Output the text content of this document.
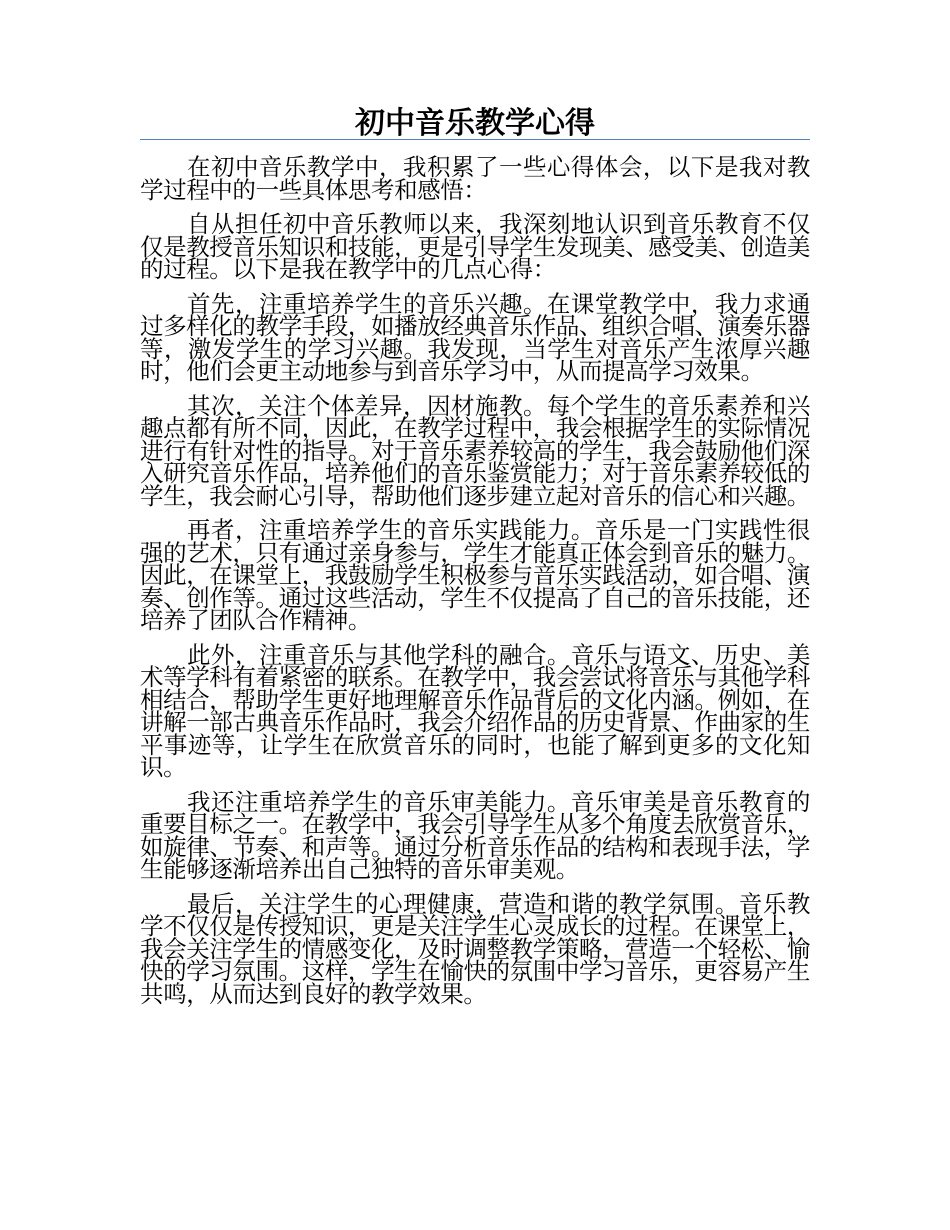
初中音乐教学心得

在初中音乐教学中，我积累了一些心得体会，以下是我对教学过程中的一些具体思考和感悟：

自从担任初中音乐教师以来，我深刻地认识到音乐教育不仅仅是教授音乐知识和技能，更是引导学生发现美、感受美、创造美的过程。以下是我在教学中的几点心得：

首先，注重培养学生的音乐兴趣。在课堂教学中，我力求通过多样化的教学手段，如播放经典音乐作品、组织合唱、演奏乐器等，激发学生的学习兴趣。我发现，当学生对音乐产生浓厚兴趣时，他们会更主动地参与到音乐学习中，从而提高学习效果。

其次，关注个体差异，因材施教。每个学生的音乐素养和兴趣点都有所不同，因此，在教学过程中，我会根据学生的实际情况进行有针对性的指导。对于音乐素养较高的学生，我会鼓励他们深入研究音乐作品，培养他们的音乐鉴赏能力；对于音乐素养较低的学生，我会耐心引导，帮助他们逐步建立起对音乐的信心和兴趣。

再者，注重培养学生的音乐实践能力。音乐是一门实践性很强的艺术，只有通过亲身参与，学生才能真正体会到音乐的魅力。因此，在课堂上，我鼓励学生积极参与音乐实践活动，如合唱、演奏、创作等。通过这些活动，学生不仅提高了自己的音乐技能，还培养了团队合作精神。

此外，注重音乐与其他学科的融合。音乐与语文、历史、美术等学科有着紧密的联系。在教学中，我会尝试将音乐与其他学科相结合，帮助学生更好地理解音乐作品背后的文化内涵。例如，在讲解一部古典音乐作品时，我会介绍作品的历史背景、作曲家的生平事迹等，让学生在欣赏音乐的同时，也能了解到更多的文化知识。

我还注重培养学生的音乐审美能力。音乐审美是音乐教育的重要目标之一。在教学中，我会引导学生从多个角度去欣赏音乐，如旋律、节奏、和声等。通过分析音乐作品的结构和表现手法，学生能够逐渐培养出自己独特的音乐审美观。

最后，关注学生的心理健康，营造和谐的教学氛围。音乐教学不仅仅是传授知识，更是关注学生心灵成长的过程。在课堂上，我会关注学生的情感变化，及时调整教学策略，营造一个轻松、愉快的学习氛围。这样，学生在愉快的氛围中学习音乐，更容易产生共鸣，从而达到良好的教学效果。
